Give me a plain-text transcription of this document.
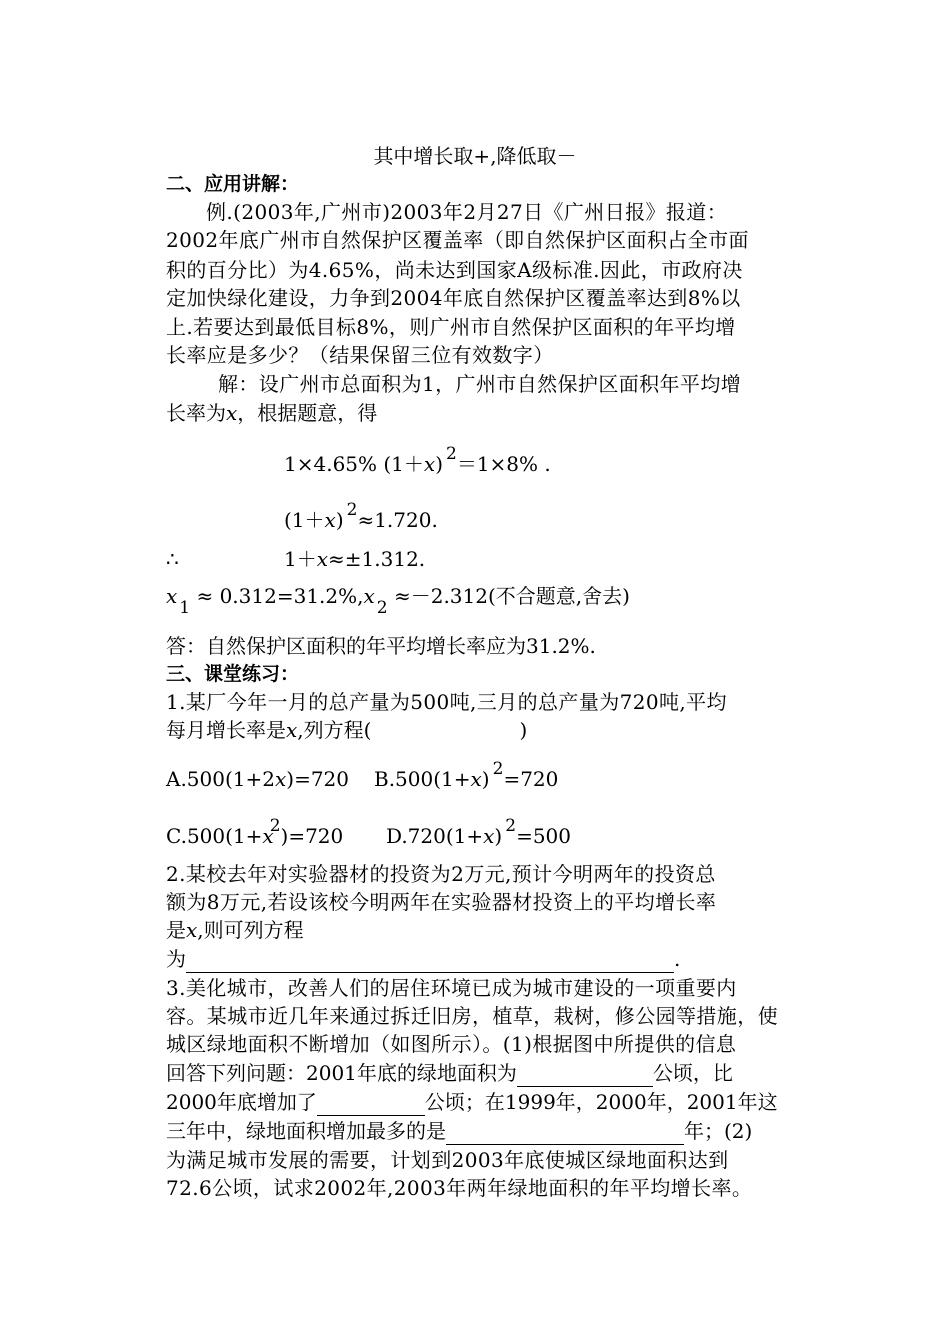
其中增长取+,降低取－
二、应用讲解：
例.(2003年,广州市)2003年2月27日《广州日报》报道：
2002年底广州市自然保护区覆盖率（即自然保护区面积占全市面
积的百分比）为4.65%，尚未达到国家A级标准.因此，市政府决
定加快绿化建设，力争到2004年底自然保护区覆盖率达到8%以
上.若要达到最低目标8%，则广州市自然保护区面积的年平均增
长率应是多少？（结果保留三位有效数字）
解：设广州市总面积为1，广州市自然保护区面积年平均增
长率为x，根据题意，得
1×4.65% (1＋x) $^2$＝1×8% .
(1＋x) $^2$≈1.720.
∴	1＋x≈±1.312.
x $_1$ ≈ 0.312=31.2%,x $_2$ ≈－2.312(不合题意,舍去)
答：自然保护区面积的年平均增长率应为31.2%.
三、课堂练习：
1.某厂今年一月的总产量为500吨,三月的总产量为720吨,平均
每月增长率是x,列方程(	)
A.500(1+2x)=720 B.500(1+x) $^2$=720
$C.500(1+x^2)=720$ D.720(1+x) $^2$=500
2.某校去年对实验器材的投资为2万元,预计今明两年的投资总
额为8万元,若设该校今明两年在实验器材投资上的平均增长率
是x,则可列方程
为	.
3.美化城市，改善人们的居住环境已成为城市建设的一项重要内
容。某城市近几年来通过拆迁旧房，植草，栽树，修公园等措施，使
城区绿地面积不断增加（如图所示）。(1)根据图中所提供的信息
回答下列问题：2001年底的绿地面积为	公顷，比
2000年底增加了	公顷；在1999年，2000年，2001年这
三年中，绿地面积增加最多的是	年；(2)
为满足城市发展的需要，计划到2003年底使城区绿地面积达到
72.6公顷，试求2002年,2003年两年绿地面积的年平均增长率。
